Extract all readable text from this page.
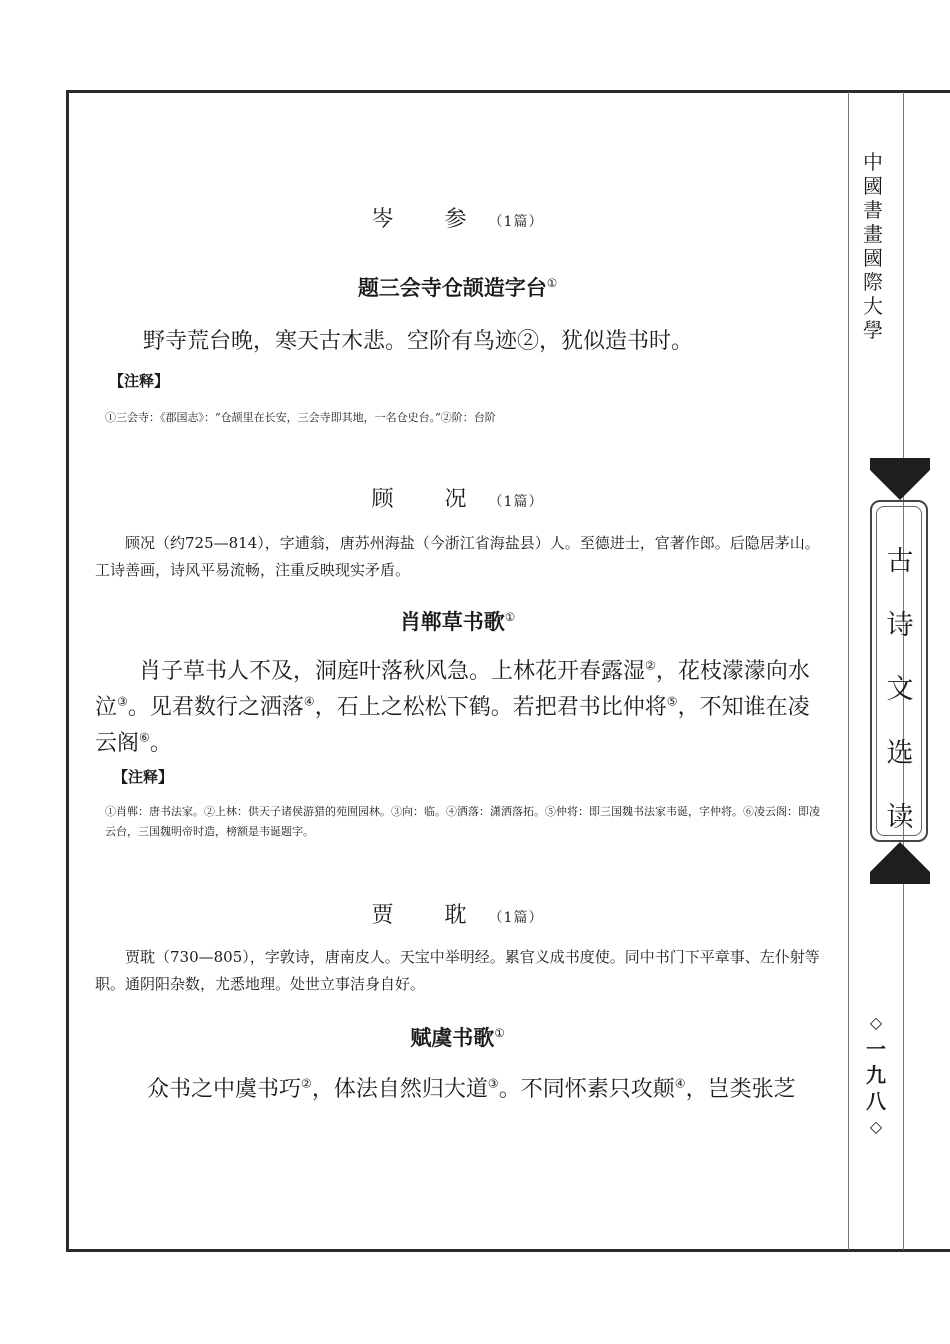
中
國
書
畫
國
際
大
學
古
诗
文
选
读
◇
一
九
八
◇
岑 参（1篇）
题三会寺仓颉造字台①
野寺荒台晚，寒天古木悲。空阶有鸟迹②，犹似造书时。
【注释】
①三会寺：《郡国志》：“仓颉里在长安，三会寺即其地，一名仓史台。”②阶：台阶
顾 况（1篇）
顾况（约725—814），字逋翁，唐苏州海盐（今浙江省海盐县）人。至德进士，官著作郎。后隐居茅山。工诗善画，诗风平易流畅，注重反映现实矛盾。
肖郸草书歌①
肖子草书人不及，洞庭叶落秋风急。上林花开春露湿②，花枝濛濛向水泣③。见君数行之洒落④，石上之松松下鹤。若把君书比仲将⑤，不知谁在凌云阁⑥。
【注释】
①肖郸：唐书法家。②上林：供天子诸侯游猎的苑囿园林。③向：临。④洒落：潇洒落拓。⑤仲将：即三国魏书法家韦诞，字仲将。⑥凌云阁：即凌云台，三国魏明帝时造，榜额是韦诞题字。
贾 耽（1篇）
贾耽（730—805），字敦诗，唐南皮人。天宝中举明经。累官义成书度使。同中书门下平章事、左仆射等职。通阴阳杂数，尤悉地理。处世立事洁身自好。
赋虞书歌①
众书之中虞书巧②，体法自然归大道③。不同怀素只攻颠④，岂类张芝
